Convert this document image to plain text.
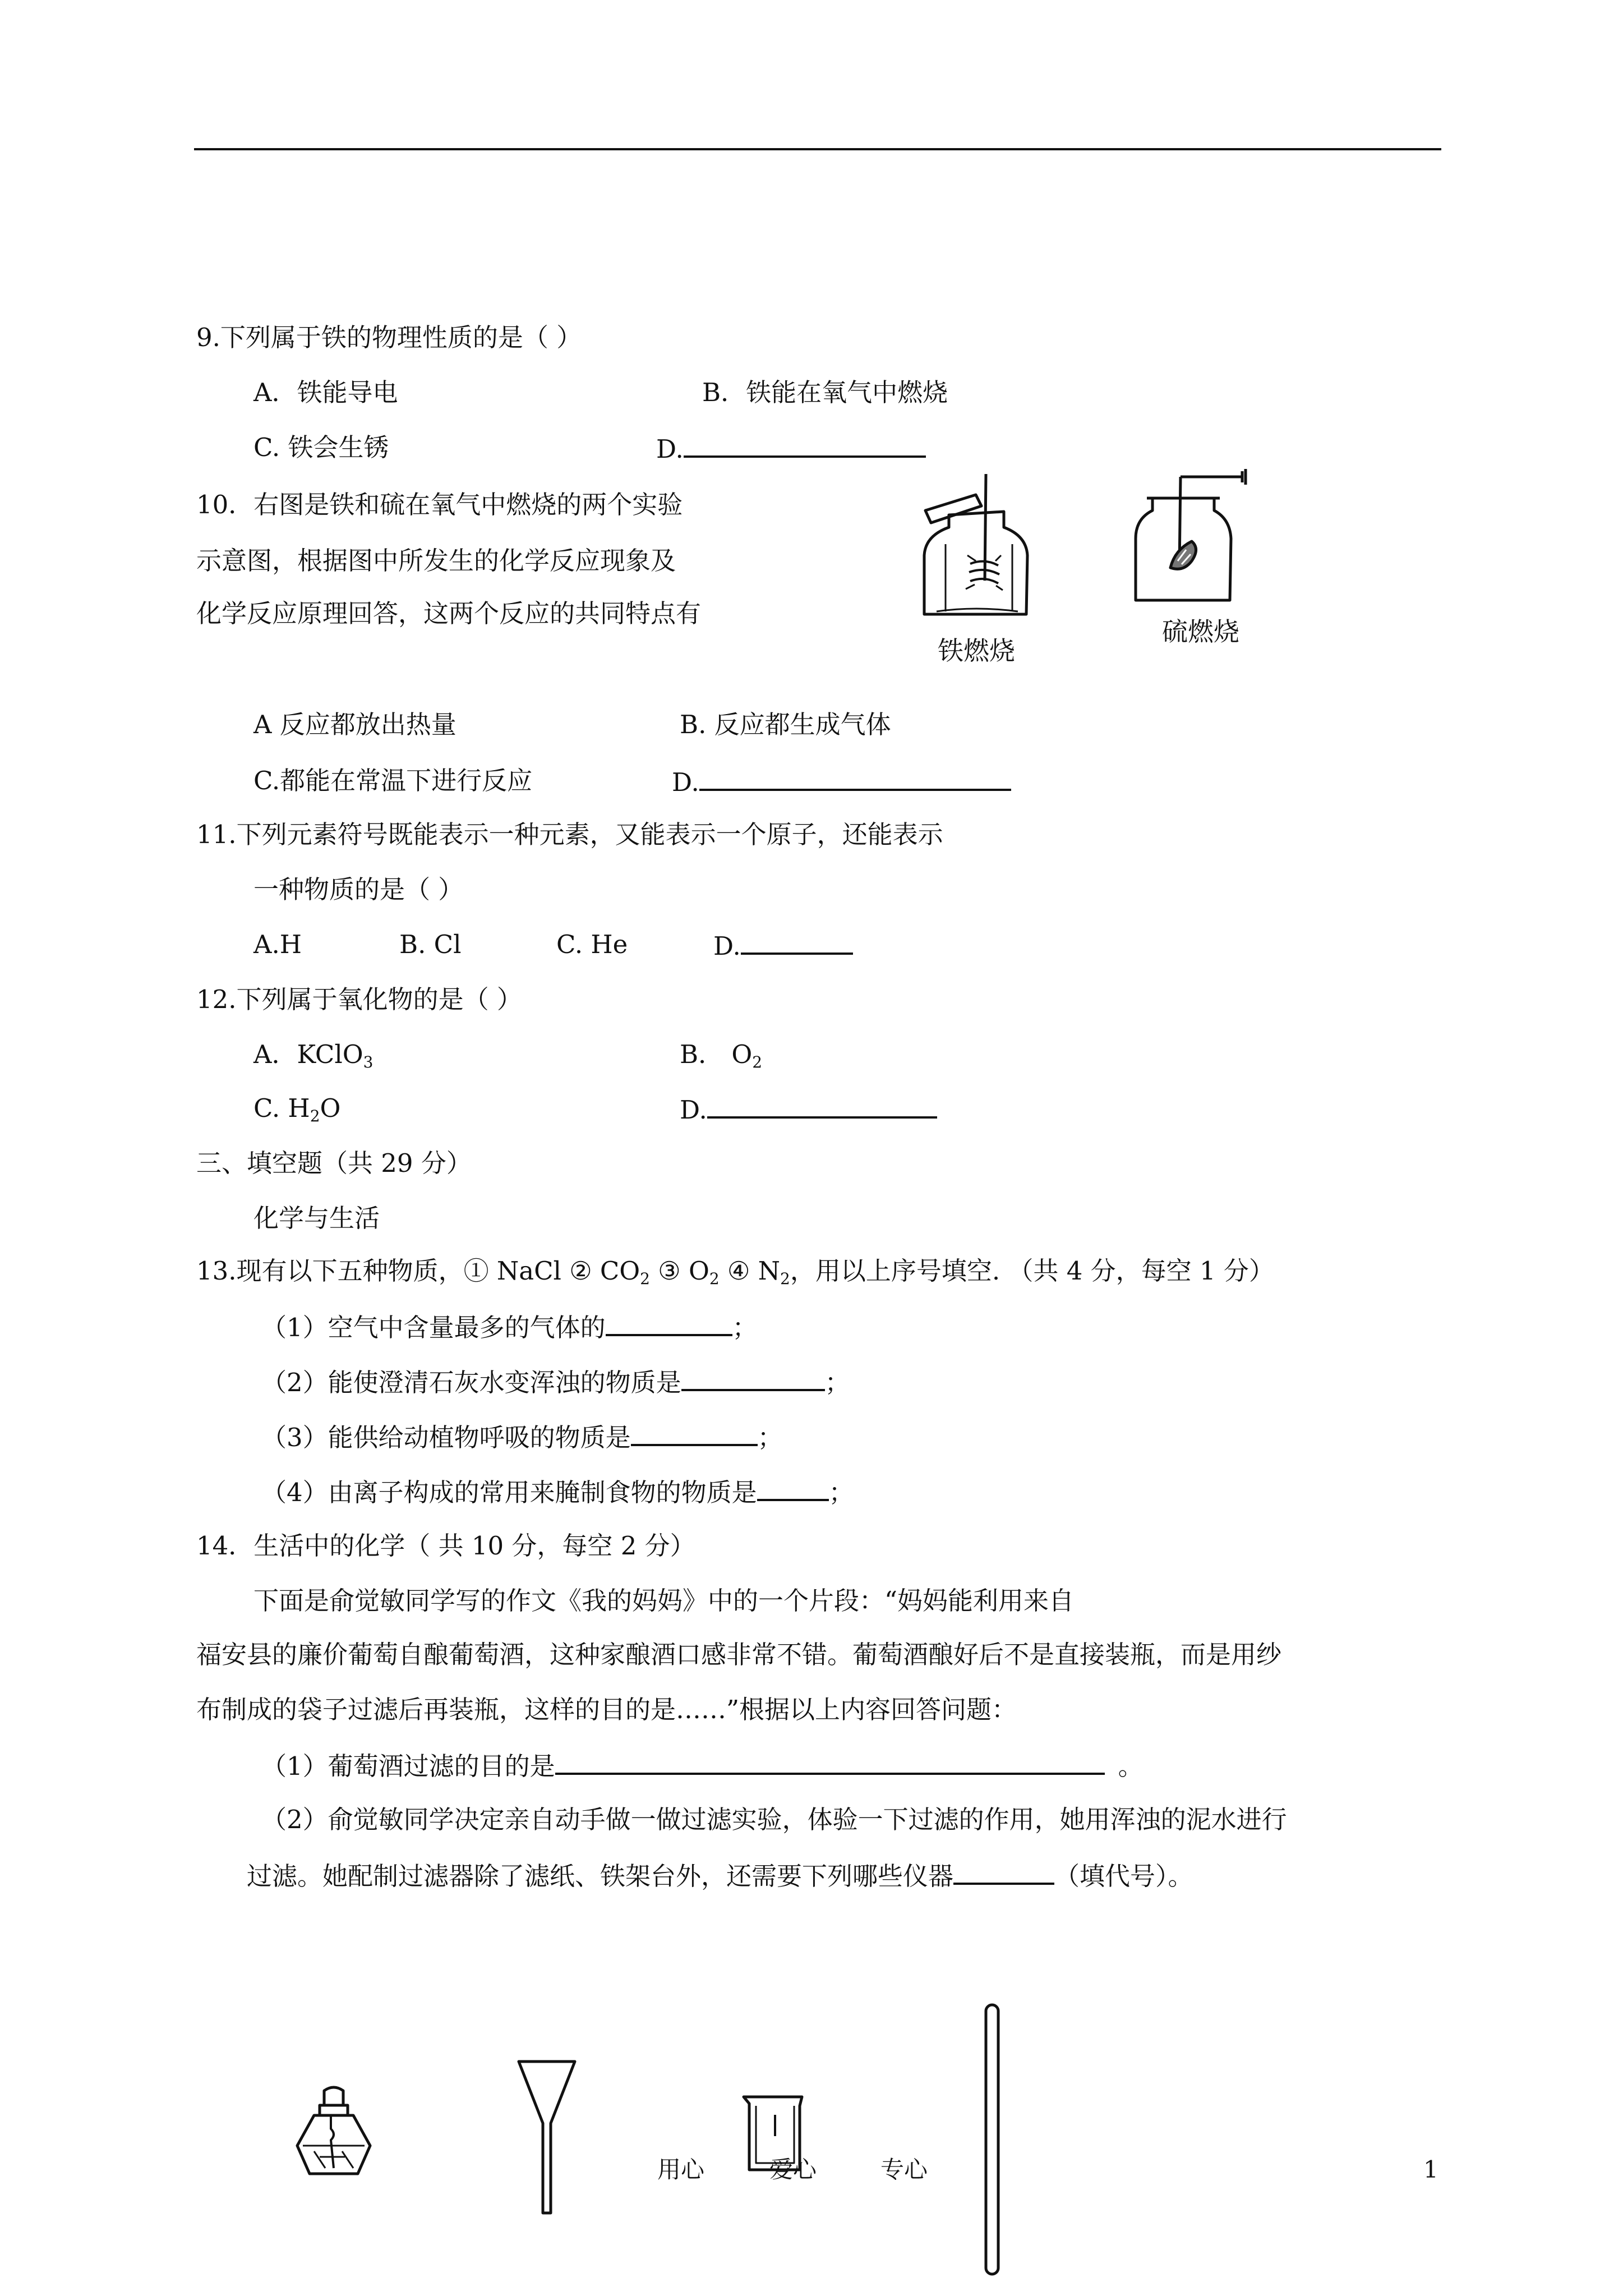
9.下列属于铁的物理性质的是（ ）
A．铁能导电	B．铁能在氧气中燃烧
C. 铁会生锈	D.
10．右图是铁和硫在氧气中燃烧的两个实验
示意图，根据图中所发生的化学反应现象及
化学反应原理回答，这两个反应的共同特点有
铁燃烧
硫燃烧
A 反应都放出热量	B. 反应都生成气体
C.都能在常温下进行反应	D.
11.下列元素符号既能表示一种元素，又能表示一个原子，还能表示
一种物质的是（ ）
A.H	B. Cl	C. He	D.
12.下列属于氧化物的是（ ）
A．KClO$_3$	B． $O_2$
C. $H_2O$	D.
三、填空题（共 29 分）
化学与生活
13.现有以下五种物质，① NaCl ② $CO_2$ ③ $O_2$ ④ $N_2$，用以上序号填空. （共 4 分，每空 1 分）
（1）空气中含量最多的气体的	；
（2）能使澄清石灰水变浑浊的物质是	；
（3）能供给动植物呼吸的物质是	；
（4）由离子构成的常用来腌制食物的物质是	；
14．生活中的化学（ 共 10 分，每空 2 分）
下面是俞觉敏同学写的作文《我的妈妈》中的一个片段：“妈妈能利用来自
福安县的廉价葡萄自酿葡萄酒，这种家酿酒口感非常不错。葡萄酒酿好后不是直接装瓶，而是用纱
布制成的袋子过滤后再装瓶，这样的目的是……”根据以上内容回答问题：
（1）葡萄酒过滤的目的是	。
（2）俞觉敏同学决定亲自动手做一做过滤实验，体验一下过滤的作用，她用浑浊的泥水进行
过滤。她配制过滤器除了滤纸、铁架台外，还需要下列哪些仪器	（填代号）。
用心	爱心	专心	1
